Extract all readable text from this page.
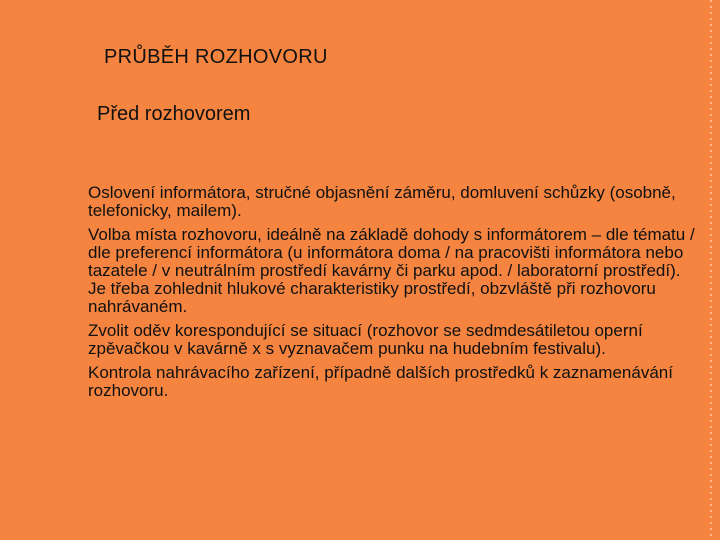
PRŮBĚH ROZHOVORU
Před rozhovorem
Oslovení informátora, stručné objasnění záměru, domluvení schůzky (osobně, telefonicky, mailem).
Volba místa rozhovoru, ideálně na základě dohody s informátorem – dle tématu / dle preferencí informátora (u informátora doma / na pracovišti informátora nebo tazatele / v neutrálním prostředí kavárny či parku apod. / laboratorní prostředí). Je třeba zohlednit hlukové charakteristiky prostředí, obzvláště při rozhovoru nahrávaném.
Zvolit oděv korespondující se situací (rozhovor se sedmdesátiletou operní zpěvačkou v kavárně x s vyznavačem punku na hudebním festivalu).
Kontrola nahrávacího zařízení, případně dalších prostředků k zaznamenávání rozhovoru.
